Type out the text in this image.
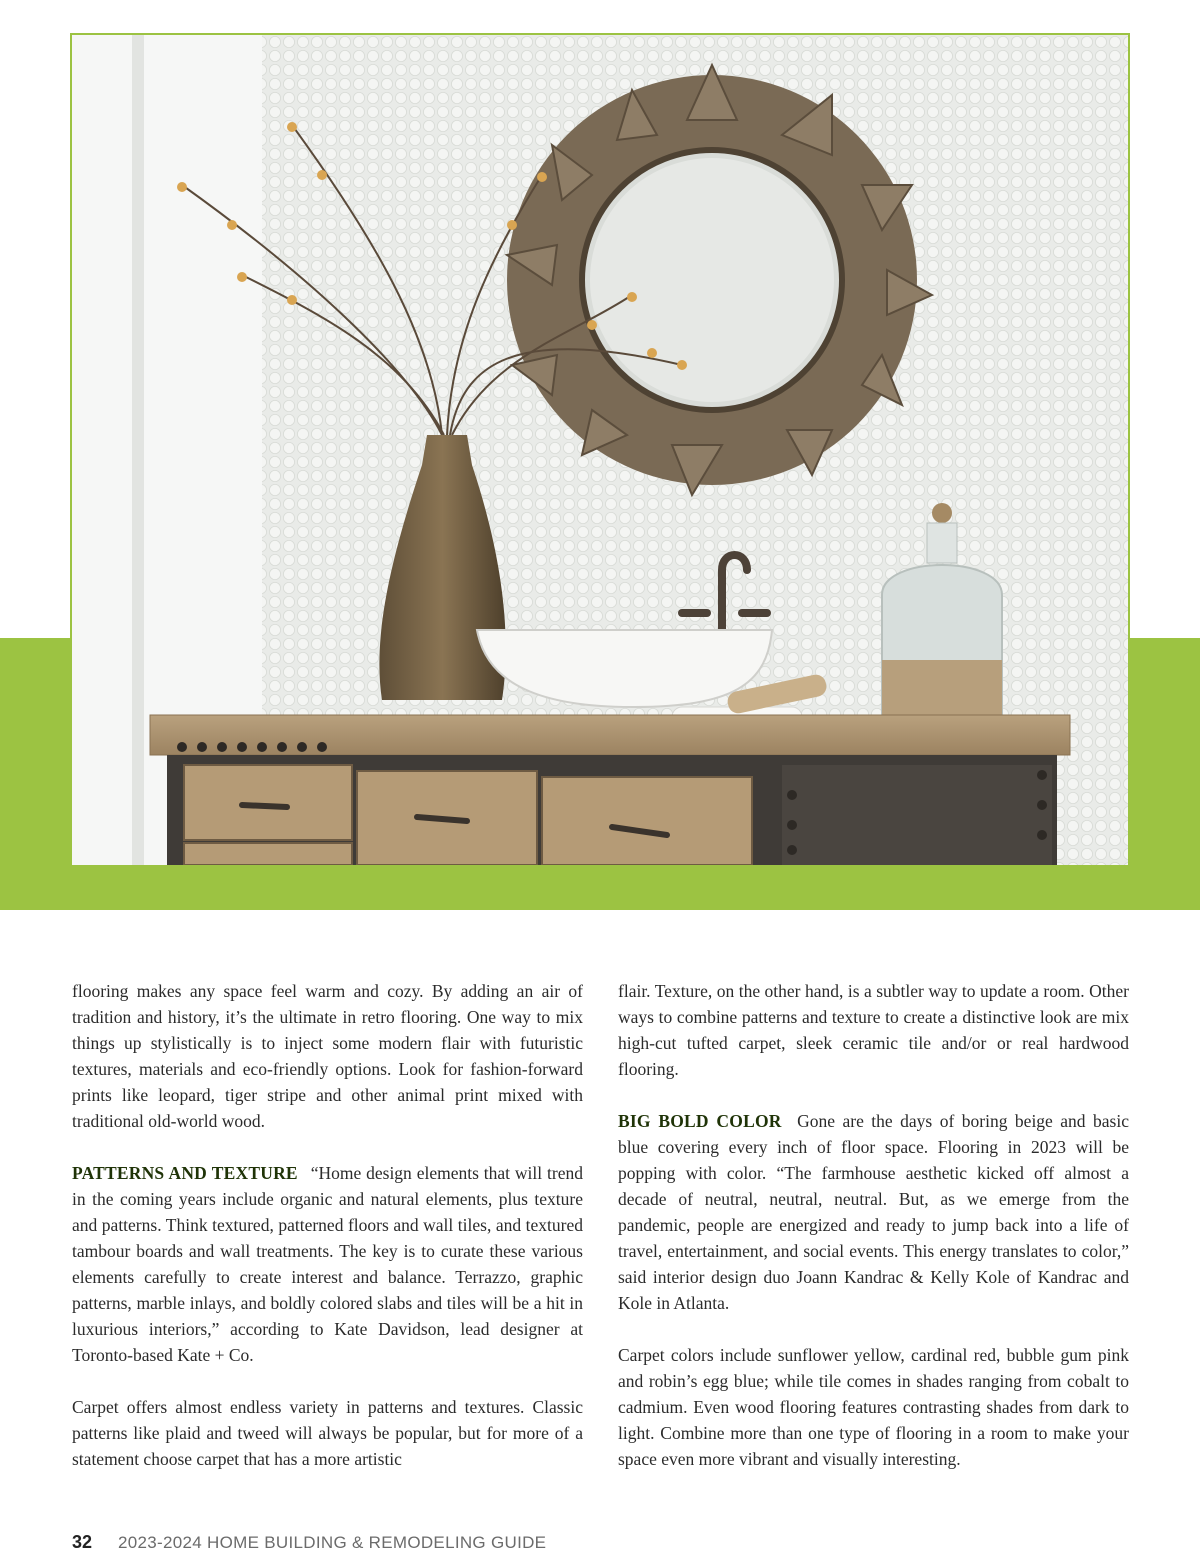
flooring makes any space feel warm and cozy. By adding an air of tradition and history, it’s the ultimate in retro flooring. One way to mix things up stylistically is to inject some modern flair with futuristic textures, materials and eco-friendly options. Look for fashion-forward prints like leopard, tiger stripe and other animal print mixed with traditional old-world wood.

PATTERNS AND TEXTURE “Home design elements that will trend in the coming years include organic and natural elements, plus texture and patterns. Think textured, patterned floors and wall tiles, and textured tambour boards and wall treatments. The key is to curate these various elements carefully to create interest and balance. Terrazzo, graphic patterns, marble inlays, and boldly colored slabs and tiles will be a hit in luxurious interiors,” according to Kate Davidson, lead designer at Toronto-based Kate + Co.

Carpet offers almost endless variety in patterns and textures. Classic patterns like plaid and tweed will always be popular, but for more of a statement choose carpet that has a more artistic

flair. Texture, on the other hand, is a subtler way to update a room. Other ways to combine patterns and texture to create a distinctive look are mix high-cut tufted carpet, sleek ceramic tile and/or or real hardwood flooring.

BIG BOLD COLOR Gone are the days of boring beige and basic blue covering every inch of floor space. Flooring in 2023 will be popping with color. “The farmhouse aesthetic kicked off almost a decade of neutral, neutral, neutral. But, as we emerge from the pandemic, people are energized and ready to jump back into a life of travel, entertainment, and social events. This energy translates to color,” said interior design duo Joann Kandrac & Kelly Kole of Kandrac and Kole in Atlanta.

Carpet colors include sunflower yellow, cardinal red, bubble gum pink and robin’s egg blue; while tile comes in shades ranging from cobalt to cadmium. Even wood flooring features contrasting shades from dark to light. Combine more than one type of flooring in a room to make your space even more vibrant and visually interesting.

32 2023-2024 HOME BUILDING & REMODELING GUIDE
